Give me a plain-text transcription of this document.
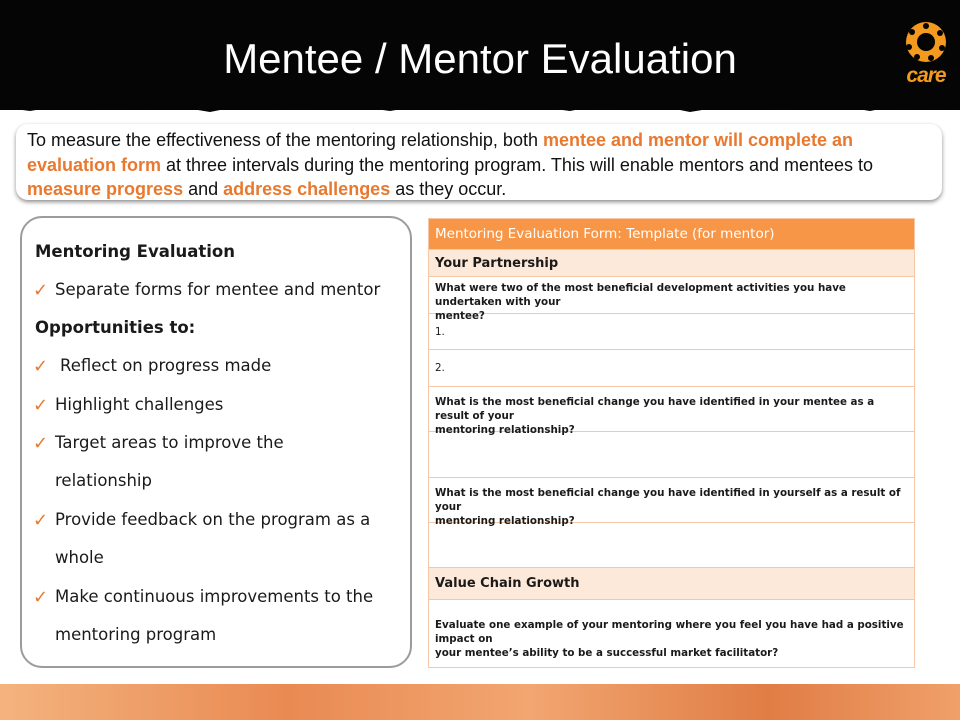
Mentee / Mentor Evaluation	care
To measure the effectiveness of the mentoring relationship, both mentee and mentor will complete an evaluation form at three intervals during the mentoring program. This will enable mentors and mentees to measure progress and address challenges as they occur.
Mentoring Evaluation
✓ Separate forms for mentee and mentor
Opportunities to:
✓ Reflect on progress made
✓ Highlight challenges
✓ Target areas to improve the
relationship
✓ Provide feedback on the program as a
whole
✓ Make continuous improvements to the
mentoring program
Mentoring Evaluation Form: Template (for mentor)
Your Partnership
What were two of the most beneficial development activities you have undertaken with your
mentee?
1.
2.
What is the most beneficial change you have identified in your mentee as a result of your
mentoring relationship?
What is the most beneficial change you have identified in yourself as a result of your
mentoring relationship?
Value Chain Growth
Evaluate one example of your mentoring where you feel you have had a positive impact on
your mentee’s ability to be a successful market facilitator?
